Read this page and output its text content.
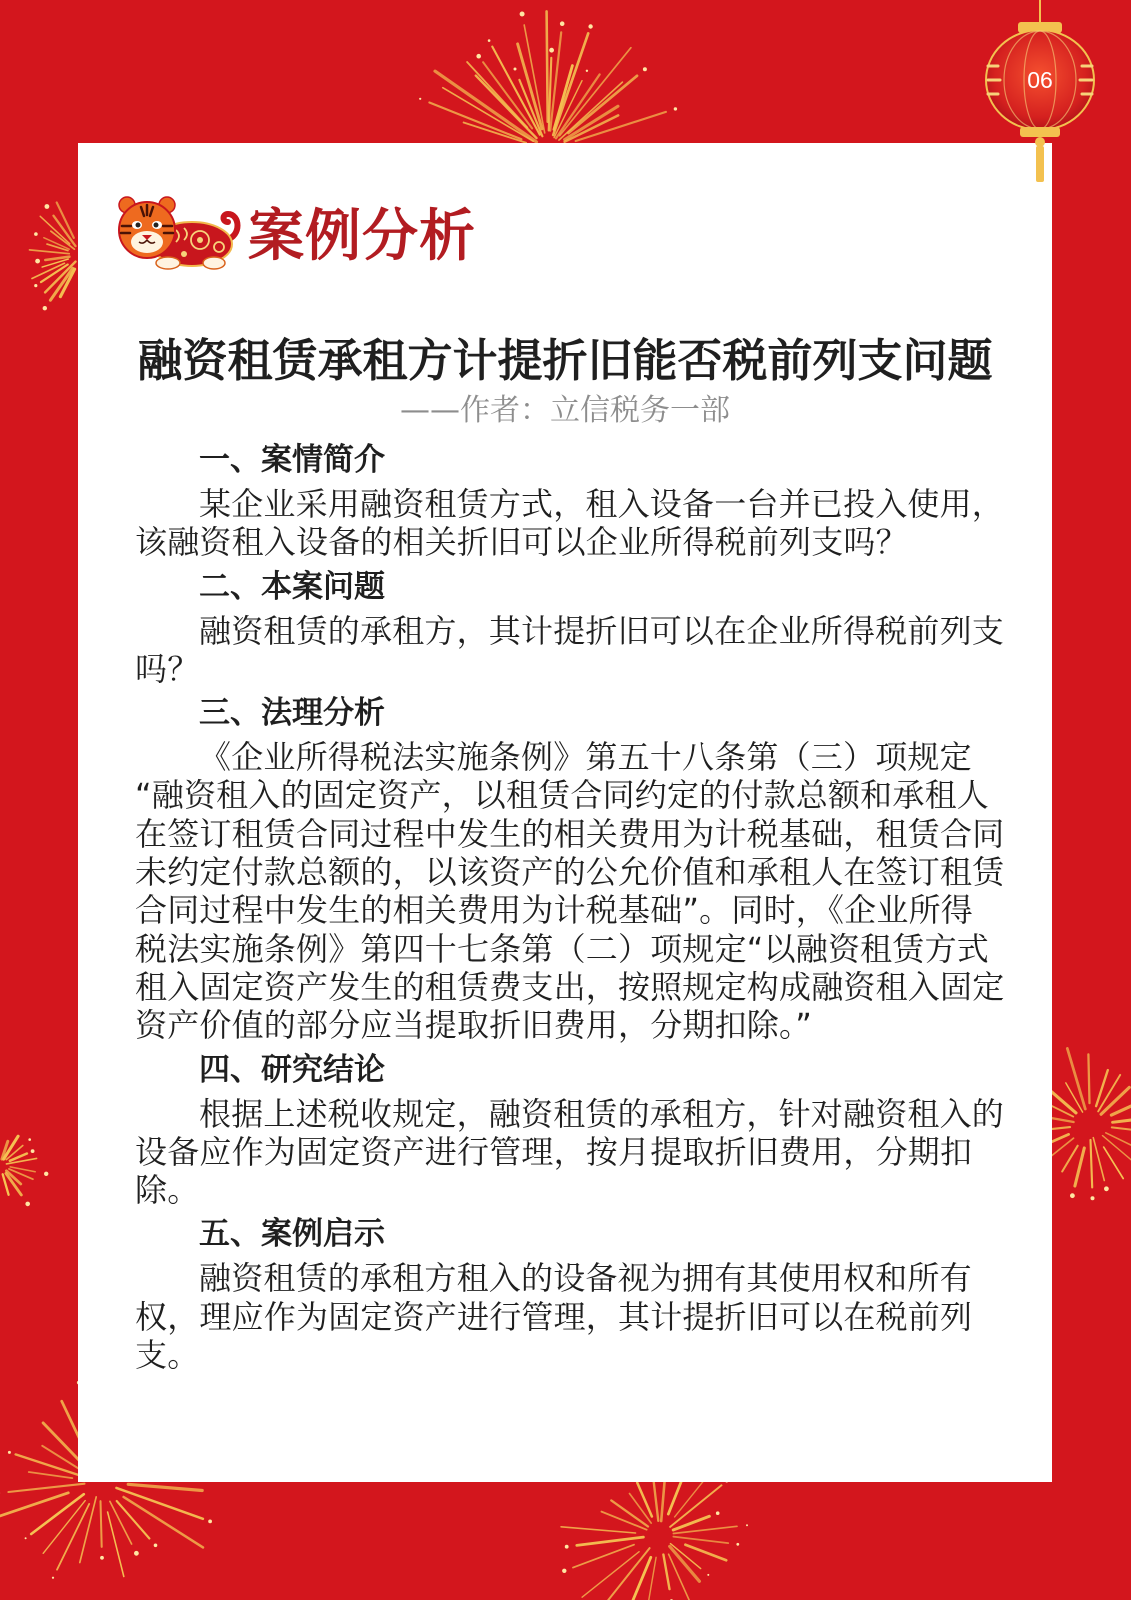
案例分析
融资租赁承租方计提折旧能否税前列支问题
——作者：立信税务一部
一、案情简介
某企业采用融资租赁方式，租入设备一台并已投入使用，
该融资租入设备的相关折旧可以企业所得税前列支吗？
二、本案问题
融资租赁的承租方，其计提折旧可以在企业所得税前列支
吗？
三、法理分析
《企业所得税法实施条例》第五十八条第（三）项规定
“融资租入的固定资产，以租赁合同约定的付款总额和承租人
在签订租赁合同过程中发生的相关费用为计税基础，租赁合同
未约定付款总额的，以该资产的公允价值和承租人在签订租赁
合同过程中发生的相关费用为计税基础”。同时，《企业所得
税法实施条例》第四十七条第（二）项规定“以融资租赁方式
租入固定资产发生的租赁费支出，按照规定构成融资租入固定
资产价值的部分应当提取折旧费用，分期扣除。”
四、研究结论
根据上述税收规定，融资租赁的承租方，针对融资租入的
设备应作为固定资产进行管理，按月提取折旧费用，分期扣
除。
五、案例启示
融资租赁的承租方租入的设备视为拥有其使用权和所有
权，理应作为固定资产进行管理，其计提折旧可以在税前列
支。
06
